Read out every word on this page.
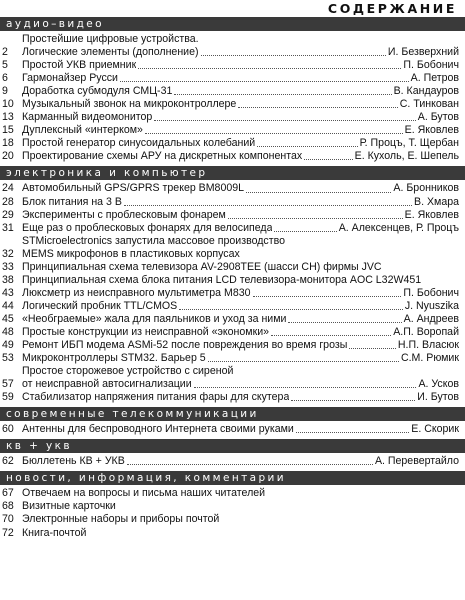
СОДЕРЖАНИЕ
аудио–видео
2
Простейшие цифровые устройства.
Логические элементы (дополнение)	И. Безверхний
5	Простой УКВ приемник	П. Бобонич
6	Гармонайзер Русси	А. Петров
9	Доработка субмодуля СМЦ-31	В. Кандауров
10 Музыкальный звонок на микроконтроллере	С. Тинкован
13 Карманный видеомонитор	А. Бутов
15 Дуплексный «интерком»	Е. Яковлев
18 Простой генератор синусоидальных колебаний	Р. Процъ, Т. Щербан
20 Проектирование схемы АРУ на дискретных компонентах	Е. Кухоль, Е. Шепель
электроника и компьютер
24 Автомобильный GPS/GPRS трекер BM8009L	А. Бронников
28 Блок питания на 3 В	В. Хмара
29 Эксперименты с проблесковым фонарем	Е. Яковлев
31 Еще раз о проблесковых фонарях для велосипеда	А. Алексенцев, Р. Процъ
32
STMicroelectronics запустила массовое производство
MEMS микрофонов в пластиковых корпусах
33 Принципиальная схема телевизора AV-2908TEE (шасси CH) фирмы JVC
38 Принципиальная схема блока питания LCD телевизора-монитора AOC L32W451
43 Люксметр из неисправного мультиметра M830	П. Бобонич
44 Логический пробник TTL/CMOS	J. Nyuszika
45 «Необграемые» жала для паяльников и уход за ними	А. Андреев
48 Простые конструкции из неисправной «экономки»	А.П. Воропай
49 Ремонт ИБП модема ASMi-52 после повреждения во время грозы	Н.П. Власюк
53 Микроконтроллеры STM32. Барьер 5	С.М. Рюмик
57
Простое сторожевое устройство с сиреной
от неисправной автосигнализации	А. Усков
59 Стабилизатор напряжения питания фары для скутера	И. Бутов
современные телекоммуникации
60 Антенны для беспроводного Интернета своими руками	Е. Скорик
кв + укв
62 Бюллетень КВ + УКВ	А. Перевертайло
новости, информация, комментарии
67 Отвечаем на вопросы и письма наших читателей
68 Визитные карточки
70 Электронные наборы и приборы почтой
72 Книга-почтой
